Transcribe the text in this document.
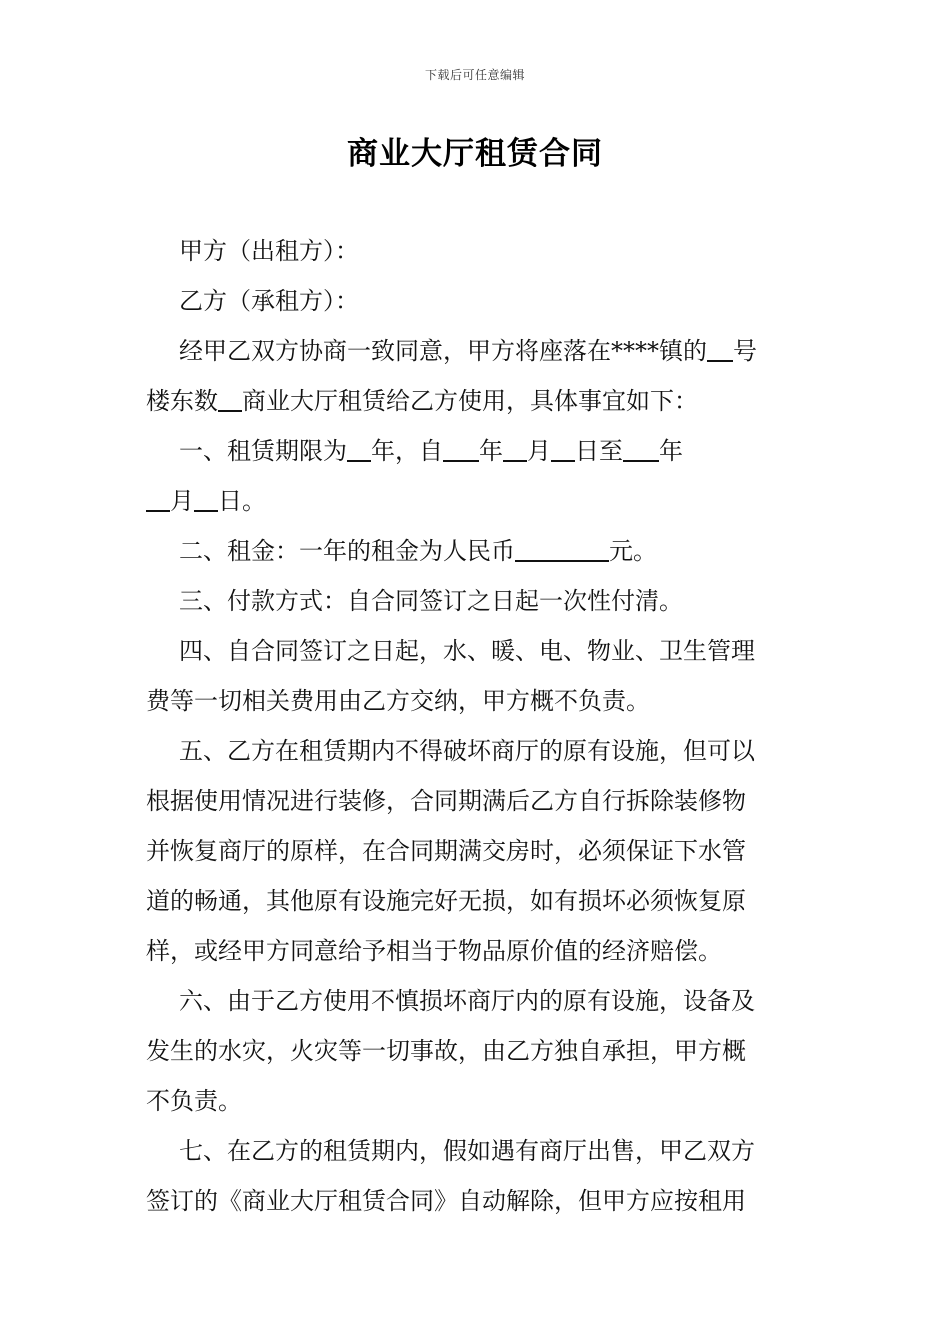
下载后可任意编辑
商业大厅租赁合同
甲方（出租方）：
乙方（承租方）：
经甲乙双方协商一致同意，甲方将座落在****镇的 号
楼东数 商业大厅租赁给乙方使用，具体事宜如下：
一、租赁期限为 年，自 年 月 日至 年
月 日。
二、租金：一年的租金为人民币	元。
三、付款方式：自合同签订之日起一次性付清。
四、自合同签订之日起，水、暖、电、物业、卫生管理
费等一切相关费用由乙方交纳，甲方概不负责。
五、乙方在租赁期内不得破坏商厅的原有设施，但可以
根据使用情况进行装修，合同期满后乙方自行拆除装修物
并恢复商厅的原样，在合同期满交房时，必须保证下水管
道的畅通，其他原有设施完好无损，如有损坏必须恢复原
样，或经甲方同意给予相当于物品原价值的经济赔偿。
六、由于乙方使用不慎损坏商厅内的原有设施，设备及
发生的水灾，火灾等一切事故，由乙方独自承担，甲方概
不负责。
七、在乙方的租赁期内，假如遇有商厅出售，甲乙双方
签订的《商业大厅租赁合同》自动解除，但甲方应按租用
